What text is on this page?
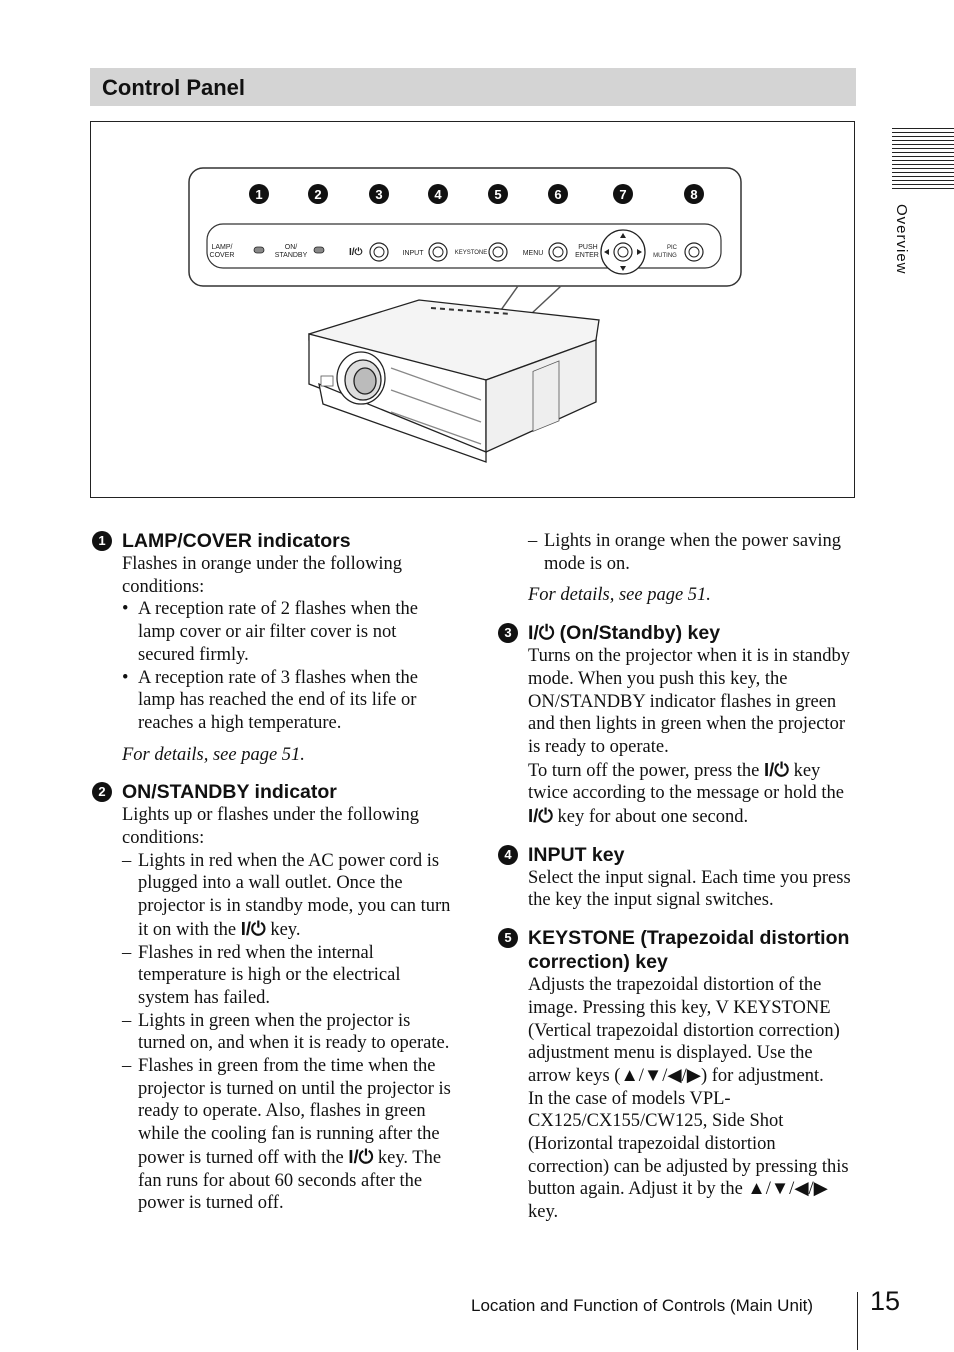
Control Panel
Overview
1	2	3	4	5	6	7	8
LAMP/
COVER
ON/
STANDBY	I/⏻	INPUT	KEYSTONE	MENU
PUSH
ENTER
PIC
MUTING
1 LAMP/COVER indicators

Flashes in orange under the following conditions:

• A reception rate of 2 flashes when the lamp cover or air filter cover is not secured firmly.
• A reception rate of 3 flashes when the lamp has reached the end of its life or reaches a high temperature.

For details, see page 51.

2 ON/STANDBY indicator

Lights up or flashes under the following conditions:

– Lights in red when the AC power cord is plugged into a wall outlet. Once the projector is in standby mode, you can turn it on with the I/⏻ key.
– Flashes in red when the internal temperature is high or the electrical system has failed.
– Lights in green when the projector is turned on, and when it is ready to operate.
– Flashes in green from the time when the projector is turned on until the projector is ready to operate. Also, flashes in green while the cooling fan is running after the power is turned off with the I/⏻ key. The fan runs for about 60 seconds after the power is turned off.
– Lights in orange when the power saving mode is on.

For details, see page 51.

3 I/⏻ (On/Standby) key

Turns on the projector when it is in standby mode. When you push this key, the ON/STANDBY indicator flashes in green and then lights in green when the projector is ready to operate.

To turn off the power, press the I/⏻ key twice according to the message or hold the I/⏻ key for about one second.

4 INPUT key

Select the input signal. Each time you press the key the input signal switches.

5 KEYSTONE (Trapezoidal distortion correction) key

Adjusts the trapezoidal distortion of the image. Pressing this key, V KEYSTONE (Vertical trapezoidal distortion correction) adjustment menu is displayed. Use the arrow keys (▲/▼/◀/▶) for adjustment.

In the case of models VPL-CX125/CX155/CW125, Side Shot (Horizontal trapezoidal distortion correction) can be adjusted by pressing this button again. Adjust it by the ▲/▼/◀/▶ key.

Location and Function of Controls (Main Unit) 15
